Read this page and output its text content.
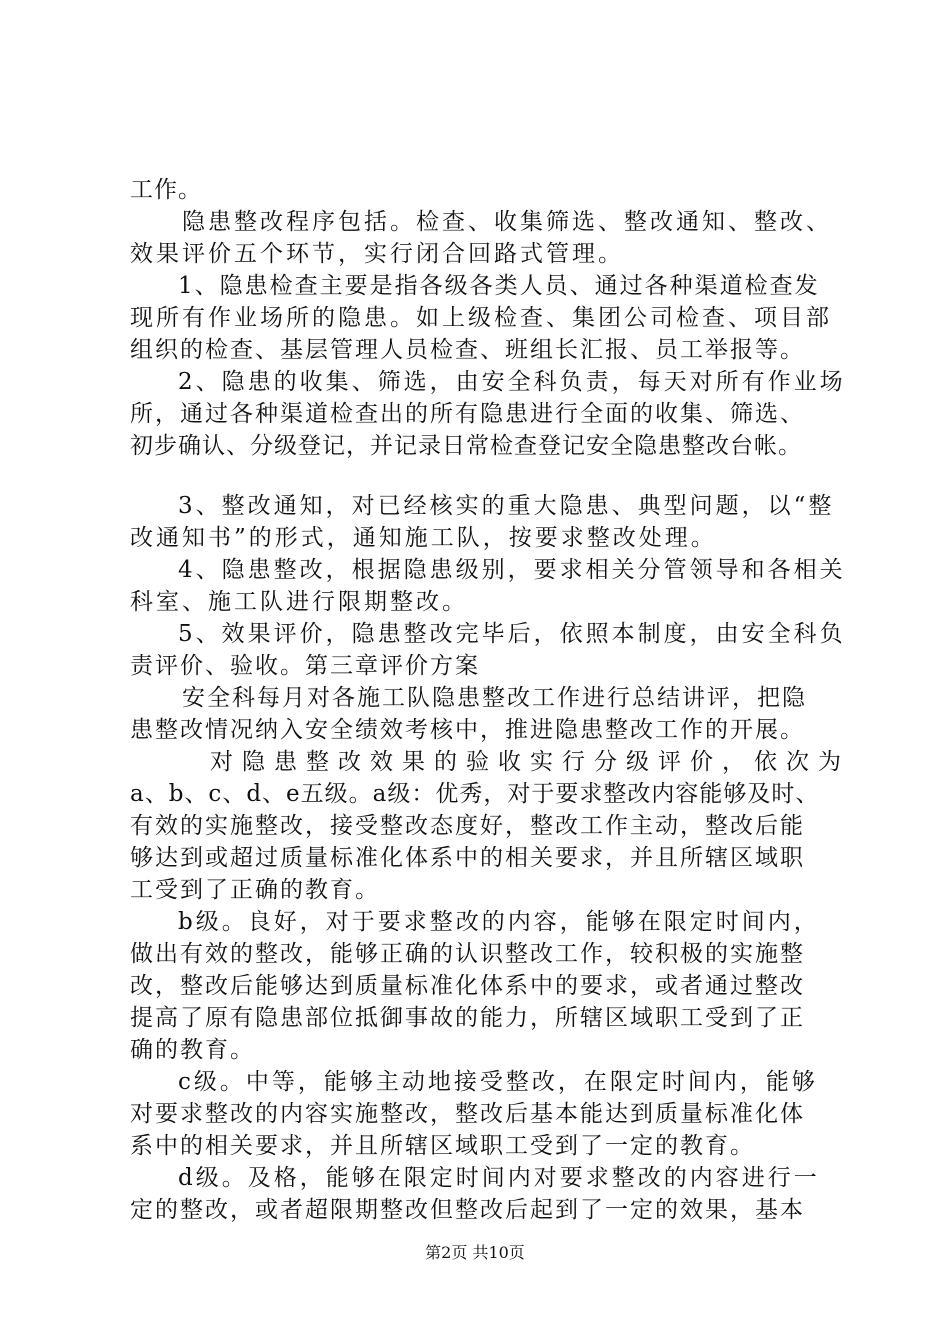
工作。
隐患整改程序包括。检查、收集筛选、整改通知、整改、
效果评价五个环节，实行闭合回路式管理。
1、隐患检查主要是指各级各类人员、通过各种渠道检查发
现所有作业场所的隐患。如上级检查、集团公司检查、项目部
组织的检查、基层管理人员检查、班组长汇报、员工举报等。
2、隐患的收集、筛选，由安全科负责，每天对所有作业场
所，通过各种渠道检查出的所有隐患进行全面的收集、筛选、
初步确认、分级登记，并记录日常检查登记安全隐患整改台帐。
3、整改通知，对已经核实的重大隐患、典型问题，以“整
改通知书”的形式，通知施工队，按要求整改处理。
4、隐患整改，根据隐患级别，要求相关分管领导和各相关
科室、施工队进行限期整改。
5、效果评价，隐患整改完毕后，依照本制度，由安全科负
责评价、验收。第三章评价方案
安全科每月对各施工队隐患整改工作进行总结讲评，把隐
患整改情况纳入安全绩效考核中，推进隐患整改工作的开展。
对隐患整改效果的验收实行分级评价，依次为
a、b、c、d、e五级。a级：优秀，对于要求整改内容能够及时、
有效的实施整改，接受整改态度好，整改工作主动，整改后能
够达到或超过质量标准化体系中的相关要求，并且所辖区域职
工受到了正确的教育。
b级。良好，对于要求整改的内容，能够在限定时间内，
做出有效的整改，能够正确的认识整改工作，较积极的实施整
改，整改后能够达到质量标准化体系中的要求，或者通过整改
提高了原有隐患部位抵御事故的能力，所辖区域职工受到了正
确的教育。
c级。中等，能够主动地接受整改，在限定时间内，能够
对要求整改的内容实施整改，整改后基本能达到质量标准化体
系中的相关要求，并且所辖区域职工受到了一定的教育。
d级。及格，能够在限定时间内对要求整改的内容进行一
定的整改，或者超限期整改但整改后起到了一定的效果，基本
第2页 共10页
